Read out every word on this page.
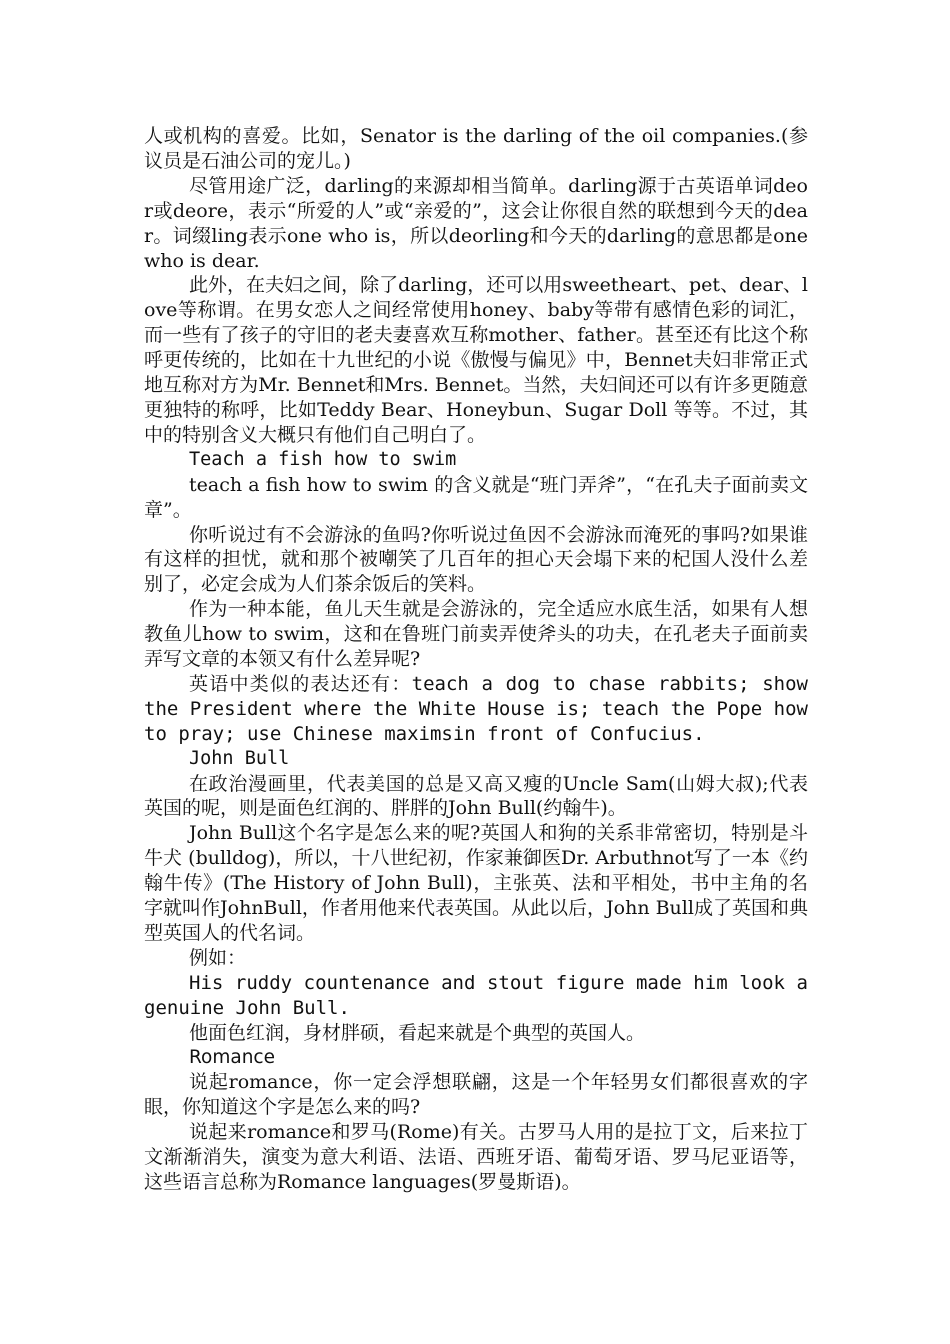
人或机构的喜爱。比如，Senator is the darling of the oil companies.(参议员是石油公司的宠儿。)

尽管用途广泛，darling的来源却相当简单。darling源于古英语单词deor或deore，表示“所爱的人”或“亲爱的”，这会让你很自然的联想到今天的dear。词缀ling表示one who is，所以deorling和今天的darling的意思都是one who is dear.

此外，在夫妇之间，除了darling，还可以用sweetheart、pet、dear、love等称谓。在男女恋人之间经常使用honey、baby等带有感情色彩的词汇，而一些有了孩子的守旧的老夫妻喜欢互称mother、father。甚至还有比这个称呼更传统的，比如在十九世纪的小说《傲慢与偏见》中，Bennet夫妇非常正式地互称对方为Mr. Bennet和Mrs. Bennet。当然，夫妇间还可以有许多更随意更独特的称呼，比如Teddy Bear、Honeybun、Sugar Doll 等等。不过，其中的特别含义大概只有他们自己明白了。

Teach a fish how to swim

teach a fish how to swim 的含义就是“班门弄斧”，“在孔夫子面前卖文章”。

你听说过有不会游泳的鱼吗?你听说过鱼因不会游泳而淹死的事吗?如果谁有这样的担忧，就和那个被嘲笑了几百年的担心天会塌下来的杞国人没什么差别了，必定会成为人们茶余饭后的笑料。

作为一种本能，鱼儿天生就是会游泳的，完全适应水底生活，如果有人想教鱼儿how to swim，这和在鲁班门前卖弄使斧头的功夫，在孔老夫子面前卖弄写文章的本领又有什么差异呢?

英语中类似的表达还有：teach a dog to chase rabbits; show the President where the White House is; teach the Pope how to pray; use Chinese maximsin front of Confucius.

John Bull

在政治漫画里，代表美国的总是又高又瘦的Uncle Sam(山姆大叔);代表英国的呢，则是面色红润的、胖胖的John Bull(约翰牛)。

John Bull这个名字是怎么来的呢?英国人和狗的关系非常密切，特别是斗牛犬 (bulldog)，所以，十八世纪初，作家兼御医Dr. Arbuthnot写了一本《约翰牛传》(The History of John Bull)，主张英、法和平相处，书中主角的名字就叫作JohnBull，作者用他来代表英国。从此以后，John Bull成了英国和典型英国人的代名词。

例如：

His ruddy countenance and stout figure made him look a genuine John Bull.

他面色红润，身材胖硕，看起来就是个典型的英国人。

Romance

说起romance，你一定会浮想联翩，这是一个年轻男女们都很喜欢的字眼，你知道这个字是怎么来的吗?

说起来romance和罗马(Rome)有关。古罗马人用的是拉丁文，后来拉丁文渐渐消失，演变为意大利语、法语、西班牙语、葡萄牙语、罗马尼亚语等，这些语言总称为Romance languages(罗曼斯语)。
